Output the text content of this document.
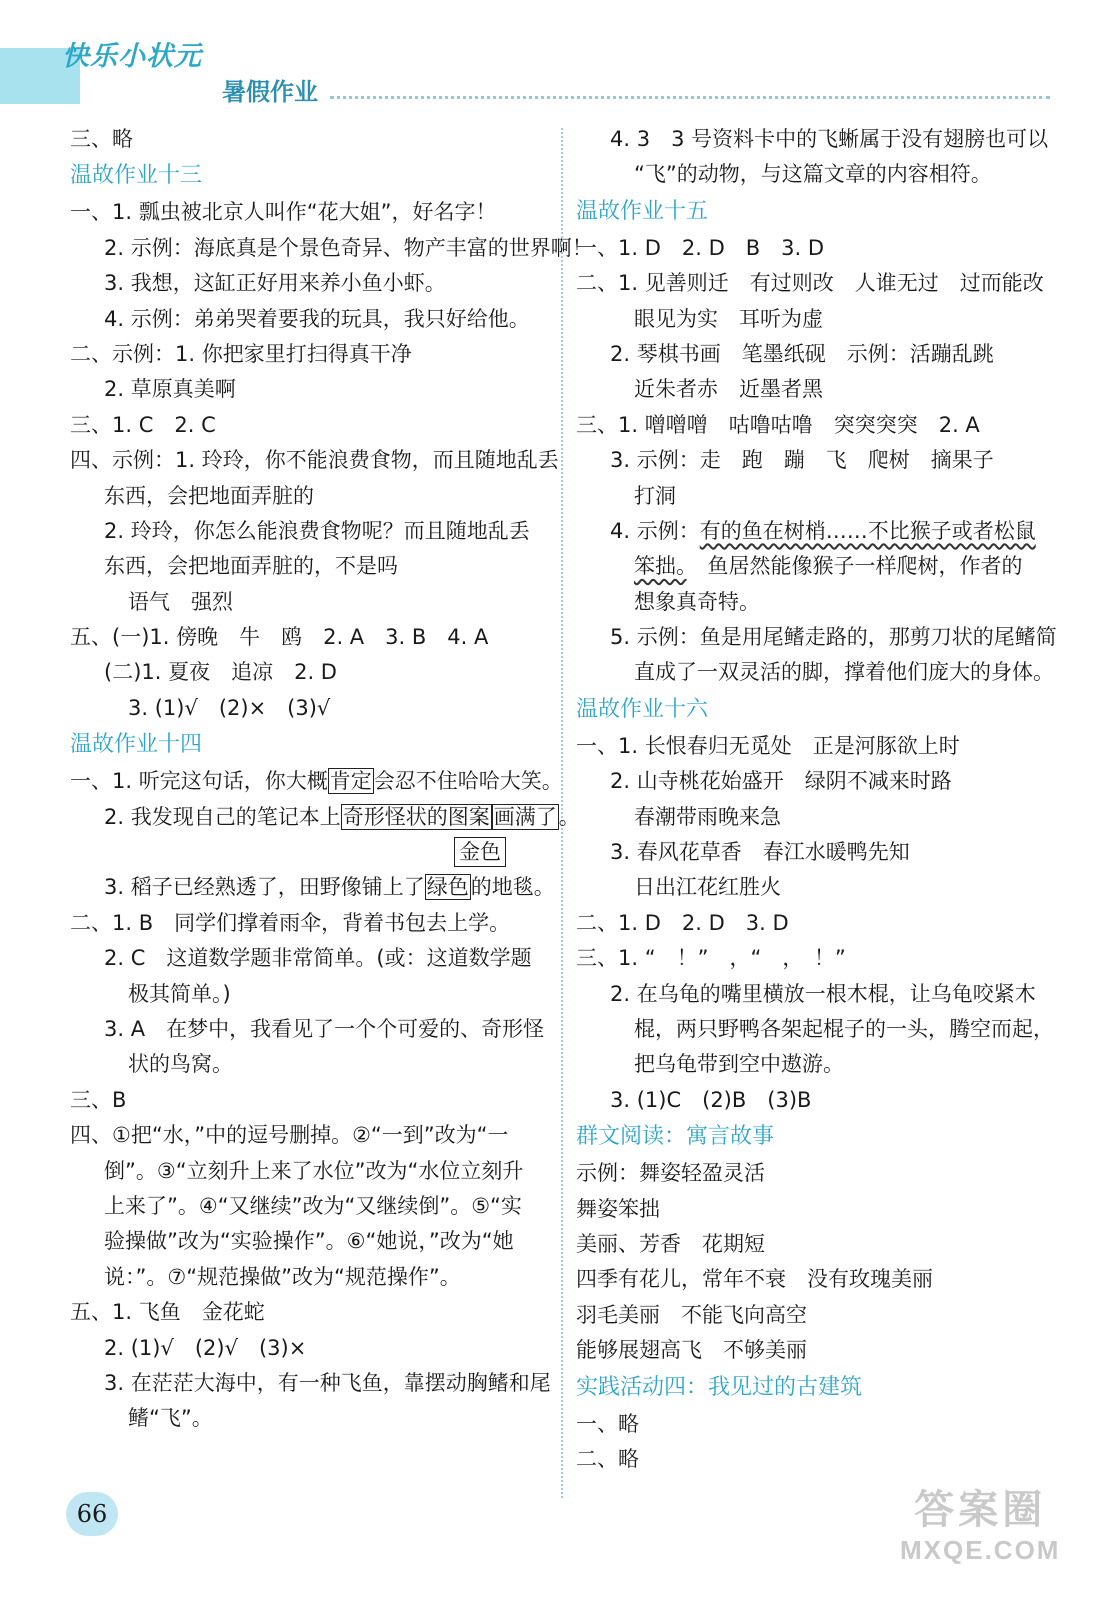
快乐小状元
暑假作业
三、略
温故作业十三
一、1. 瓢虫被北京人叫作“花大姐”，好名字！
2. 示例：海底真是个景色奇异、物产丰富的世界啊！
3. 我想，这缸正好用来养小鱼小虾。
4. 示例：弟弟哭着要我的玩具，我只好给他。
二、示例：1. 你把家里打扫得真干净
2. 草原真美啊
三、1. C　2. C
四、示例：1. 玲玲，你不能浪费食物，而且随地乱丢
东西，会把地面弄脏的
2. 玲玲，你怎么能浪费食物呢？而且随地乱丢
东西，会把地面弄脏的，不是吗
语气　强烈
五、(一)1. 傍晚　牛　鸥　2. A　3. B　4. A
(二)1. 夏夜　追凉　2. D
3. (1)√　(2)×　(3)√
温故作业十四
一、1. 听完这句话，你大概肯定会忍不住哈哈大笑。
2. 我发现自己的笔记本上奇形怪状的图案 画满了。
金色
3. 稻子已经熟透了，田野像铺上了绿色的地毯。
二、1. B　同学们撑着雨伞，背着书包去上学。
2. C　这道数学题非常简单。(或：这道数学题
极其简单。)
3. A　在梦中，我看见了一个个可爱的、奇形怪
状的鸟窝。
三、B
四、①把“水，”中的逗号删掉。②“一到”改为“一
倒”。③“立刻升上来了水位”改为“水位立刻升
上来了”。④“又继续”改为“又继续倒”。⑤“实
验操做”改为“实验操作”。⑥“她说，”改为“她
说：”。⑦“规范操做”改为“规范操作”。
五、1. 飞鱼　金花蛇
2. (1)√　(2)√　(3)×
3. 在茫茫大海中，有一种飞鱼，靠摆动胸鳍和尾
鳍“飞”。
4. 3　3 号资料卡中的飞蜥属于没有翅膀也可以
“飞”的动物，与这篇文章的内容相符。
温故作业十五
一、1. D　2. D　B　3. D
二、1. 见善则迁　有过则改　人谁无过　过而能改
眼见为实　耳听为虚
2. 琴棋书画　笔墨纸砚　示例：活蹦乱跳
近朱者赤　近墨者黑
三、1. 噌噌噌　咕噜咕噜　突突突突　2. A
3. 示例：走　跑　蹦　飞　爬树　摘果子
打洞
4. 示例：有的鱼在树梢……不比猴子或者松鼠
笨拙。　鱼居然能像猴子一样爬树，作者的
想象真奇特。
5. 示例：鱼是用尾鳍走路的，那剪刀状的尾鳍简
直成了一双灵活的脚，撑着他们庞大的身体。
温故作业十六
一、1. 长恨春归无觅处　正是河豚欲上时
2. 山寺桃花始盛开　绿阴不减来时路
春潮带雨晚来急
3. 春风花草香　春江水暖鸭先知
日出江花红胜火
二、1. D　2. D　3. D
三、1. “　！”　，“　，　！”
2. 在乌龟的嘴里横放一根木棍，让乌龟咬紧木
棍，两只野鸭各架起棍子的一头，腾空而起，
把乌龟带到空中遨游。
3. (1)C　(2)B　(3)B
群文阅读：寓言故事
示例：舞姿轻盈灵活
舞姿笨拙
美丽、芳香　花期短
四季有花儿，常年不衰　没有玫瑰美丽
羽毛美丽　不能飞向高空
能够展翅高飞　不够美丽
实践活动四：我见过的古建筑
一、略
二、略
66	答案圈
MXQE.COM
